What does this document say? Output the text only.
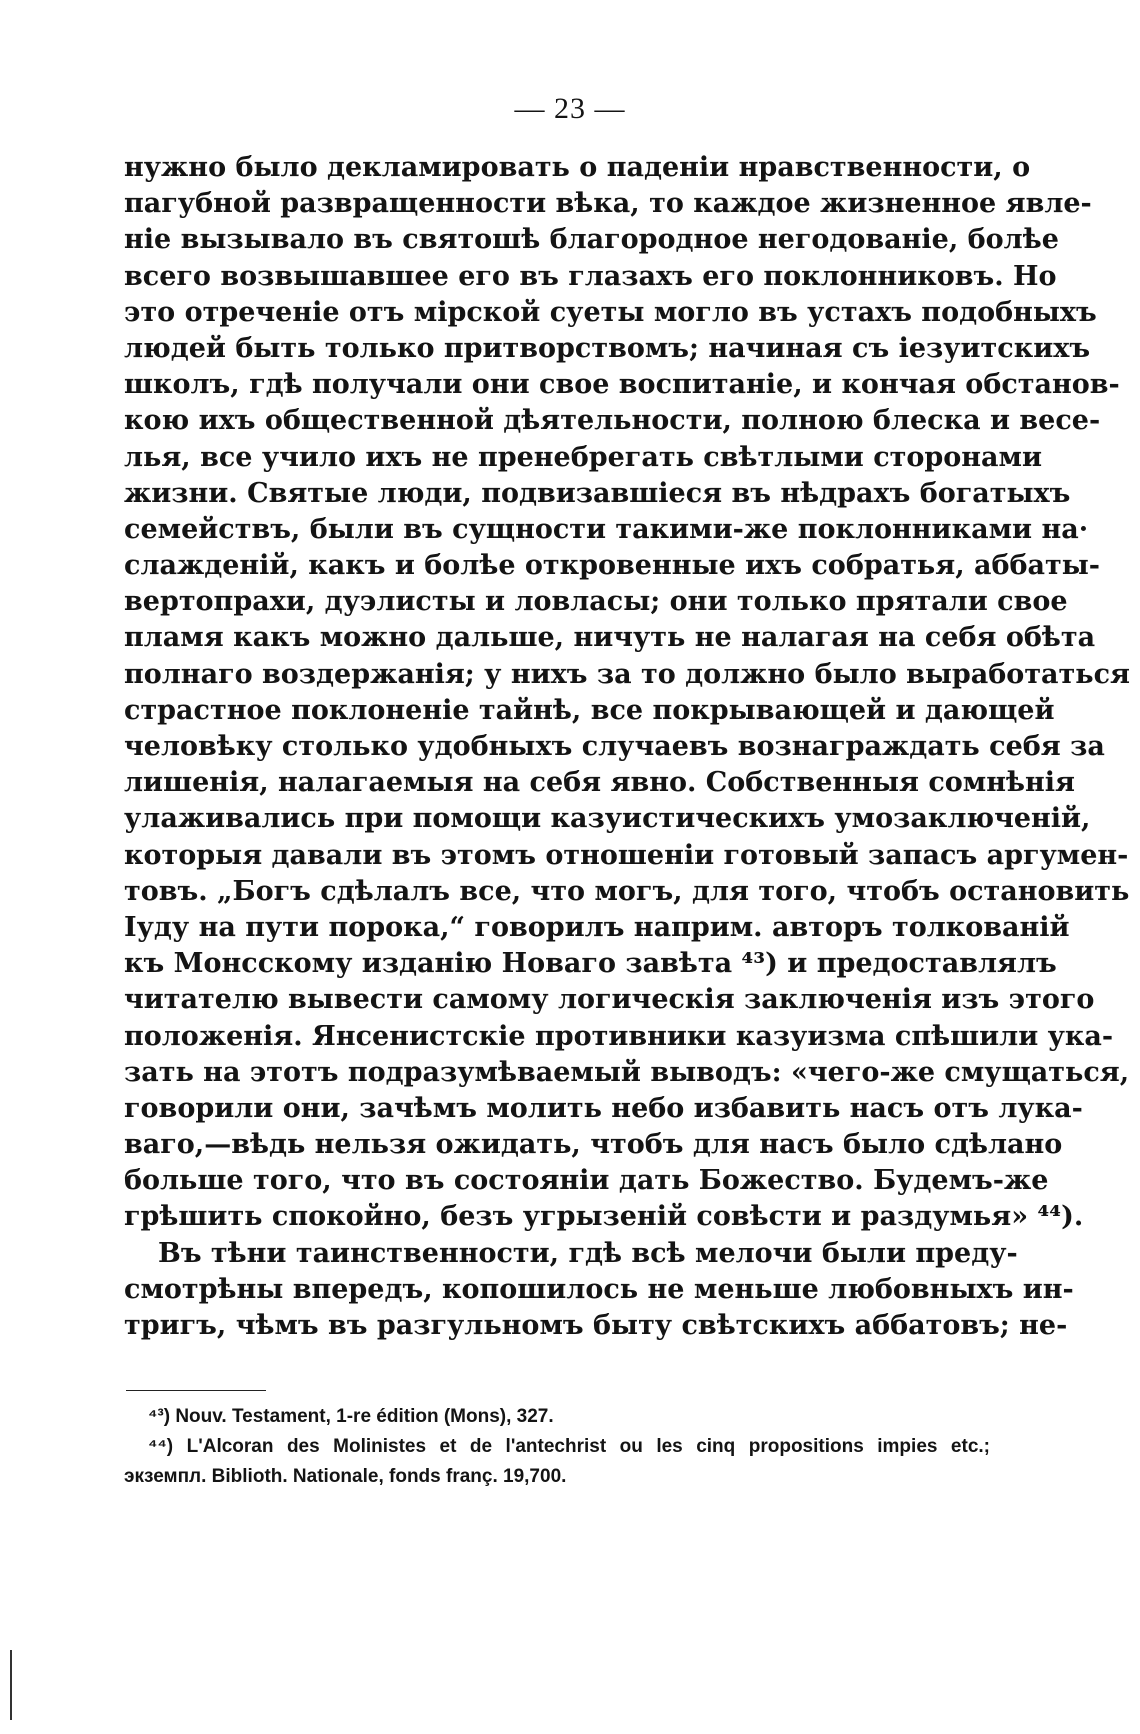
— 23 —
нужно было декламировать о паденіи нравственности, о
пагубной развращенности вѣка, то каждое жизненное явле-
ніе вызывало въ святошѣ благородное негодованіе, болѣе
всего возвышавшее его въ глазахъ его поклонниковъ. Но
это отреченіе отъ мірской суеты могло въ устахъ подобныхъ
людей быть только притворствомъ; начиная съ іезуитскихъ
школъ, гдѣ получали они свое воспитаніе, и кончая обстанов-
кою ихъ общественной дѣятельности, полною блеска и весе-
лья, все учило ихъ не пренебрегать свѣтлыми сторонами
жизни. Святые люди, подвизавшіеся въ нѣдрахъ богатыхъ
семействъ, были въ сущности такими-же поклонниками на·
слажденій, какъ и болѣе откровенные ихъ собратья, аббаты-
вертопрахи, дуэлисты и ловласы; они только прятали свое
пламя какъ можно дальше, ничуть не налагая на себя обѣта
полнаго воздержанія; у нихъ за то должно было выработаться
страстное поклоненіе тайнѣ, все покрывающей и дающей
человѣку столько удобныхъ случаевъ вознаграждать себя за
лишенія, налагаемыя на себя явно. Собственныя сомнѣнія
улаживались при помощи казуистическихъ умозаключеній,
которыя давали въ этомъ отношеніи готовый запасъ аргумен-
товъ. „Богъ сдѣлалъ все, что могъ, для того, чтобъ остановить
Іуду на пути порока,“ говорилъ наприм. авторъ толкованій
къ Монсскому изданію Новаго завѣта ⁴³) и предоставлялъ
читателю вывести самому логическія заключенія изъ этого
положенія. Янсенистскіе противники казуизма спѣшили ука-
зать на этотъ подразумѣваемый выводъ: «чего-же смущаться,
говорили они, зачѣмъ молить небо избавить насъ отъ лука-
ваго,—вѣдь нельзя ожидать, чтобъ для насъ было сдѣлано
больше того, что въ состояніи дать Божество. Будемъ-же
грѣшить спокойно, безъ угрызеній совѣсти и раздумья» ⁴⁴).
Въ тѣни таинственности, гдѣ всѣ мелочи были преду-
смотрѣны впередъ, копошилось не меньше любовныхъ ин-
тригъ, чѣмъ въ разгульномъ быту свѣтскихъ аббатовъ; не-
⁴³) Nouv. Testament, 1-re édition (Mons), 327.
⁴⁴) L'Alcoran des Molinistes et de l'antechrist ou les cinq propositions impies etc.;
экземпл. Biblioth. Nationale, fonds franç. 19,700.
